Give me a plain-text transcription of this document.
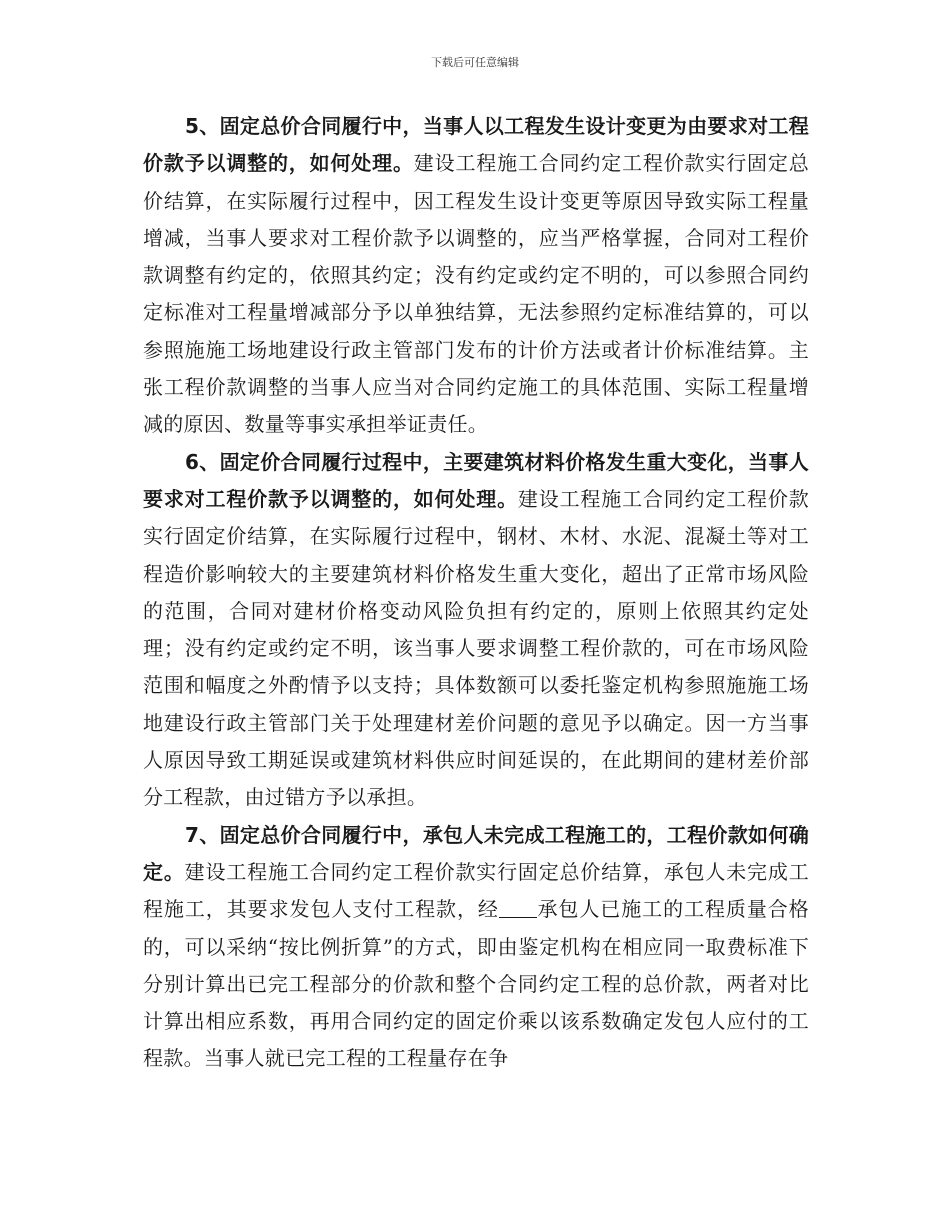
下载后可任意编辑

5、固定总价合同履行中，当事人以工程发生设计变更为由要求对工程价款予以调整的，如何处理。建设工程施工合同约定工程价款实行固定总价结算，在实际履行过程中，因工程发生设计变更等原因导致实际工程量增减，当事人要求对工程价款予以调整的，应当严格掌握，合同对工程价款调整有约定的，依照其约定；没有约定或约定不明的，可以参照合同约定标准对工程量增减部分予以单独结算，无法参照约定标准结算的，可以参照施施工场地建设行政主管部门发布的计价方法或者计价标准结算。主张工程价款调整的当事人应当对合同约定施工的具体范围、实际工程量增减的原因、数量等事实承担举证责任。

6、固定价合同履行过程中，主要建筑材料价格发生重大变化，当事人要求对工程价款予以调整的，如何处理。建设工程施工合同约定工程价款实行固定价结算，在实际履行过程中，钢材、木材、水泥、混凝土等对工程造价影响较大的主要建筑材料价格发生重大变化，超出了正常市场风险的范围，合同对建材价格变动风险负担有约定的，原则上依照其约定处理；没有约定或约定不明，该当事人要求调整工程价款的，可在市场风险范围和幅度之外酌情予以支持；具体数额可以委托鉴定机构参照施施工场地建设行政主管部门关于处理建材差价问题的意见予以确定。因一方当事人原因导致工期延误或建筑材料供应时间延误的，在此期间的建材差价部分工程款，由过错方予以承担。

7、固定总价合同履行中，承包人未完成工程施工的，工程价款如何确定。建设工程施工合同约定工程价款实行固定总价结算，承包人未完成工程施工，其要求发包人支付工程款，经 承包人已施工的工程质量合格的，可以采纳“按比例折算”的方式，即由鉴定机构在相应同一取费标准下分别计算出已完工程部分的价款和整个合同约定工程的总价款，两者对比计算出相应系数，再用合同约定的固定价乘以该系数确定发包人应付的工程款。当事人就已完工程的工程量存在争
